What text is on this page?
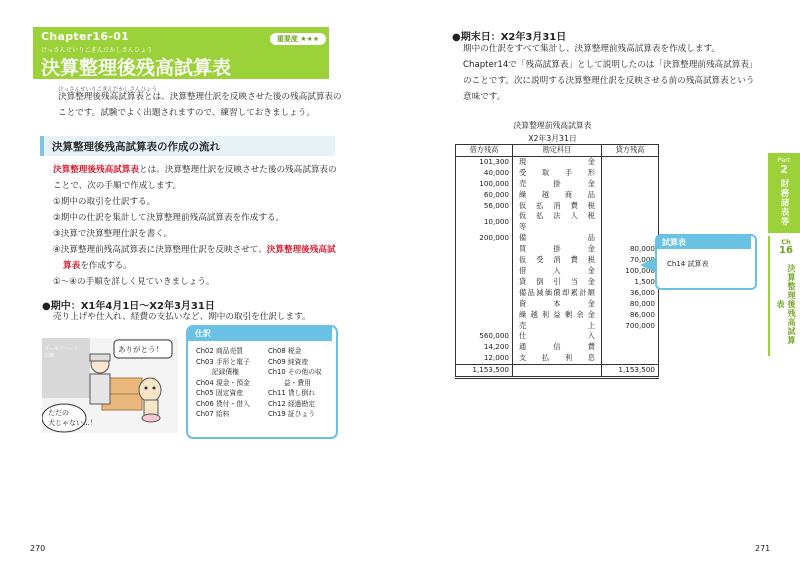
Chapter16-01	重要度 ★★★
けっさんせいりごぎんだかしさんひょう
決算整理後残高試算表
けっさんせいりごぎんだかしさんひょう
決算整理後残高試算表とは、決算整理仕訳を反映させた後の残高試算表の
ことです。試験でよく出題されますので、練習しておきましょう。
決算整理後残高試算表の作成の流れ
決算整理後残高試算表とは、決算整理仕訳を反映させた後の残高試算表の
ことで、次の手順で作成します。
①期中の取引を仕訳する。
②期中の仕訳を集計して決算整理前残高試算表を作成する。
③決算で決算整理仕訳を書く。
④決算整理前残高試算表に決算整理仕訳を反映させて、決算整理後残高試
算表を作成する。
①〜④の手順を詳しく見ていきましょう。
●期中：X1年4月1日〜X2年3月31日
売り上げや仕入れ、経費の支払いなど、期中の取引を仕訳します。
ゴールドハート
工場
ありがとう！
ただの
犬じゃない…！
仕訳
Ch02 商品売買
Ch03 手形と電子
　　 記録債権
Ch04 現金・預金
Ch05 固定資産
Ch06 貸付・借入
Ch07 給料
Ch08 税金
Ch09 純資産
Ch10 その他の収
　　 益・費用
Ch11 貸し倒れ
Ch12 経過勘定
Ch19 証ひょう
270
●期末日：X2年3月31日
期中の仕訳をすべて集計し、決算整理前残高試算表を作成します。
Chapter14で「残高試算表」として説明したのは「決算整理前残高試算表」
のことです。次に説明する決算整理仕訳を反映させる前の残高試算表という
意味です。
決算整理前残高試算表
X2年3月31日
借方残高	勘定科目	貸方残高
101,300	現　　　　　金	
40,000	受　取　手　形	
100,000	売　　掛　　金	
60,000	繰　越　商　品	
56,000	仮　払　消　費　税	
10,000	仮　払　法　人　税　等	
200,000	備　　　　　品	
	買　　掛　　金	80,000
	仮　受　消　費　税	70,000
	借　　入　　金	100,000
	貸　倒　引　当　金	1,500
	備品減価償却累計額	36,000
	資　　本　　金	80,000
	繰 越 利 益 剰 余 金	86,000
	売　　　　　上	700,000
560,000	仕　　　　　入	
14,200	通　　信　　費	
12,000	支　払　利　息	
1,153,500		1,153,500
試算表
Ch14 試算表
Part
2
財務諸表等
Ch
16
決算整理後残高試算表
271
